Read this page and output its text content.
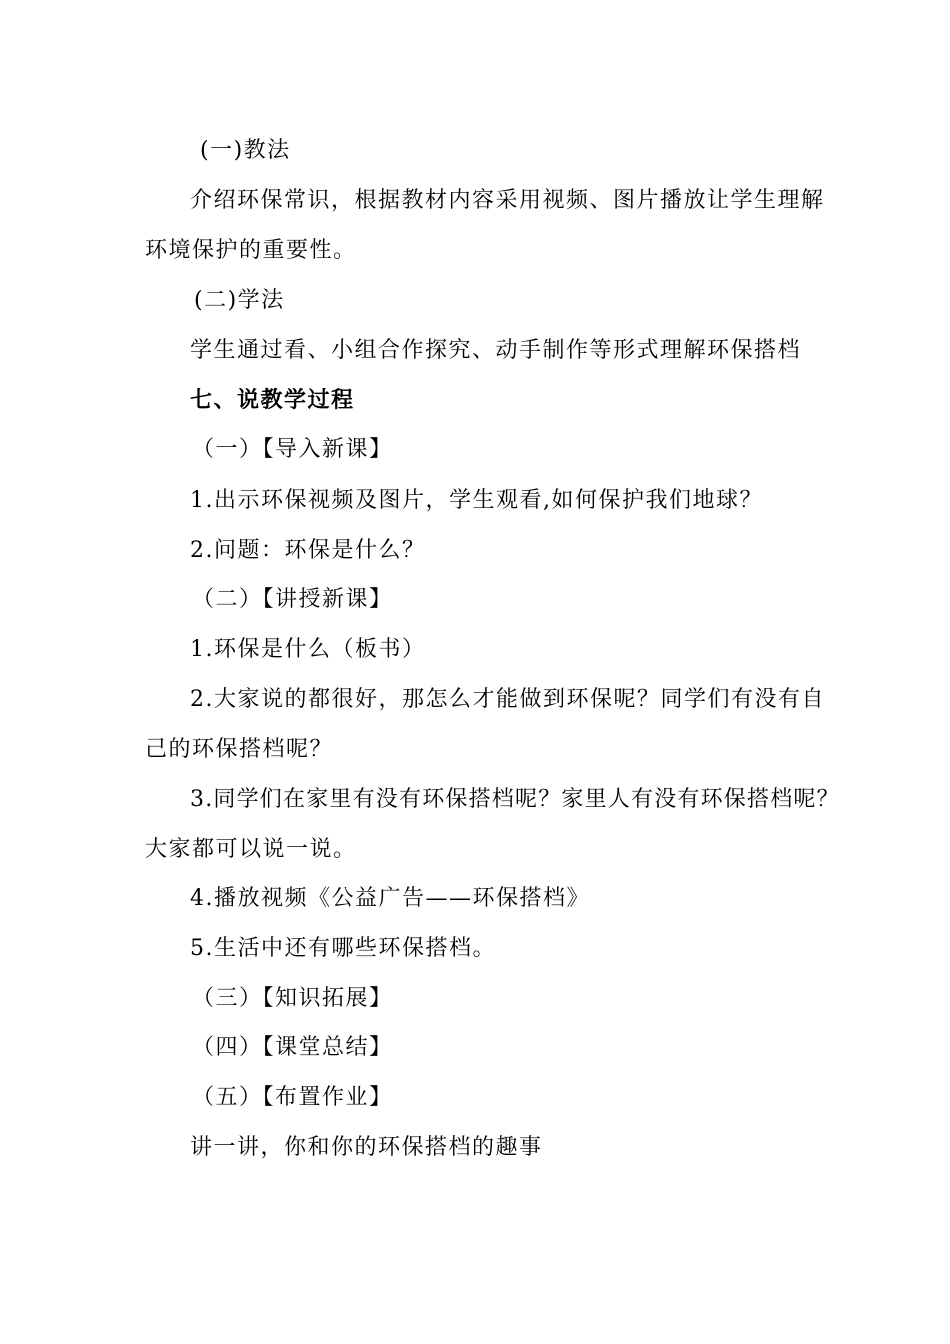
(一)教法
介绍环保常识，根据教材内容采用视频、图片播放让学生理解
环境保护的重要性。
(二)学法
学生通过看、小组合作探究、动手制作等形式理解环保搭档
七、说教学过程
（一）【导入新课】
1.出示环保视频及图片，学生观看,如何保护我们地球？
2.问题：环保是什么？
（二）【讲授新课】
1.环保是什么（板书）
2.大家说的都很好，那怎么才能做到环保呢？同学们有没有自
己的环保搭档呢？
3.同学们在家里有没有环保搭档呢？家里人有没有环保搭档呢？
大家都可以说一说。
4.播放视频《公益广告——环保搭档》
5.生活中还有哪些环保搭档。
（三）【知识拓展】
（四）【课堂总结】
（五）【布置作业】
讲一讲，你和你的环保搭档的趣事
